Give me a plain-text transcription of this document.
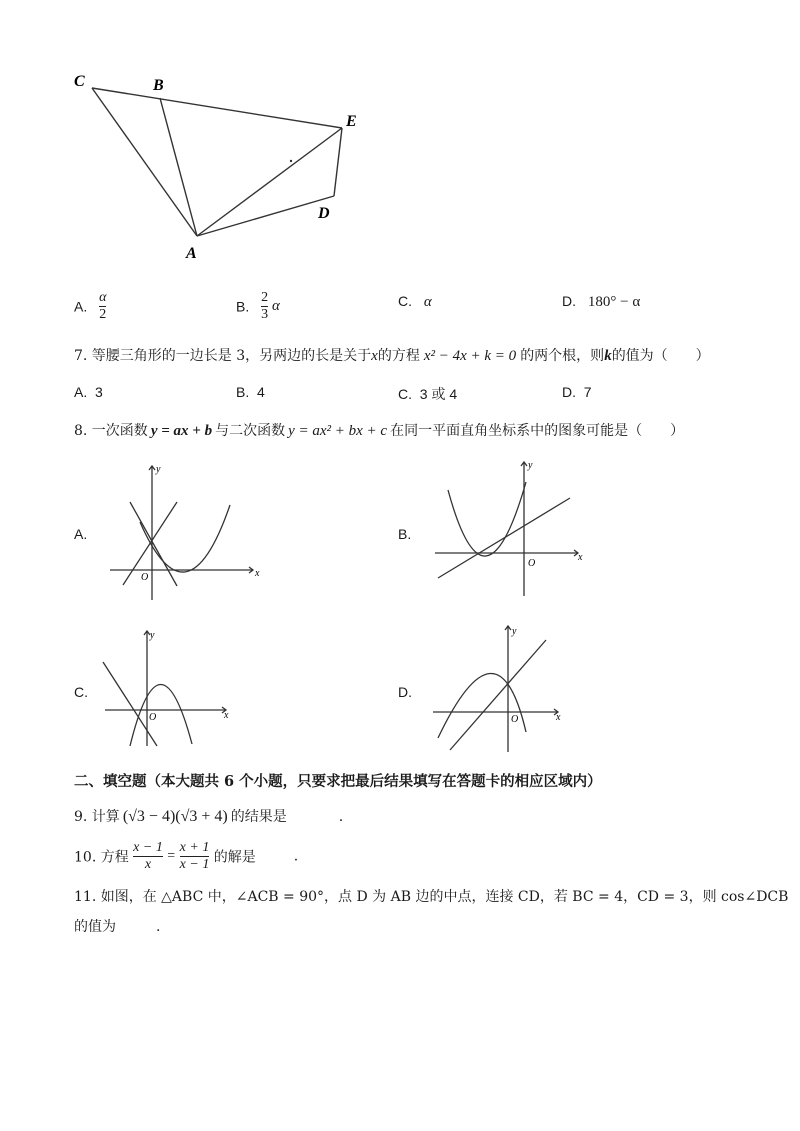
C	B
E
D
A
A. $\frac{\alpha}{2}$	B. $\frac{2}{3}$ α	C. α	D. 180° − α
7. 等腰三角形的一边长是 3，另两边的长是关于x的方程 x² − 4x + k = 0 的两个根，则k的值为（　　）
A. 3	B. 4	C. 3 或 4	D. 7
8. 一次函数 y = ax + b 与二次函数 y = ax² + bx + c 在同一平面直角坐标系中的图象可能是（　　）
A.	B.
C.	D.
O	x
y
O
x
y
O	x
y
O	x
y
二、填空题（本大题共 6 个小题，只要求把最后结果填写在答题卡的相应区域内）
9. 计算 (√3 − 4)(√3 + 4) 的结果是	.
10. 方程 $\frac{x - 1}{x} = \frac{x + 1}{x - 1}$ 的解是	.
11. 如图，在 △ABC 中，∠ACB = 90°，点 D 为 AB 边的中点，连接 CD，若 BC = 4，CD = 3，则 cos∠DCB
的值为	.
